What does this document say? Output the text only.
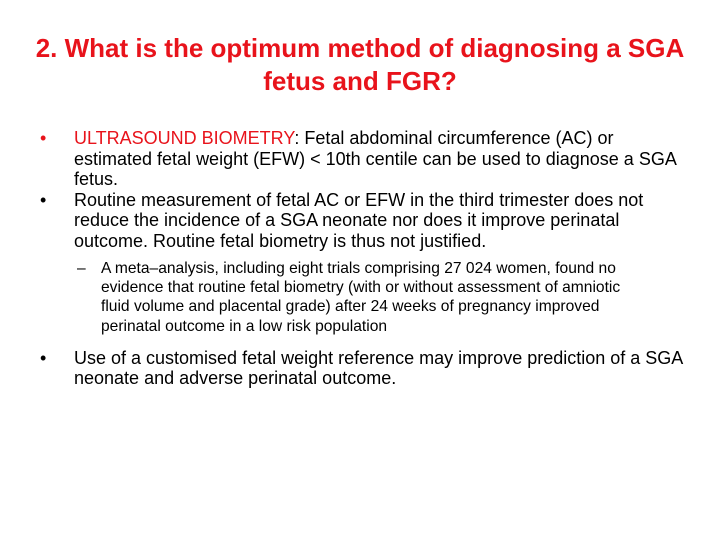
2. What is the optimum method of diagnosing a SGA fetus and FGR?
•	ULTRASOUND BIOMETRY: Fetal abdominal circumference (AC) or estimated fetal weight (EFW) < 10th centile can be used to diagnose a SGA fetus.
•	Routine measurement of fetal AC or EFW in the third trimester does not reduce the incidence of a SGA neonate nor does it improve perinatal outcome. Routine fetal biometry is thus not justified.
– A meta–analysis, including eight trials comprising 27 024 women, found no evidence that routine fetal biometry (with or without assessment of amniotic fluid volume and placental grade) after 24 weeks of pregnancy improved perinatal outcome in a low risk population
•	Use of a customised fetal weight reference may improve prediction of a SGA neonate and adverse perinatal outcome.
